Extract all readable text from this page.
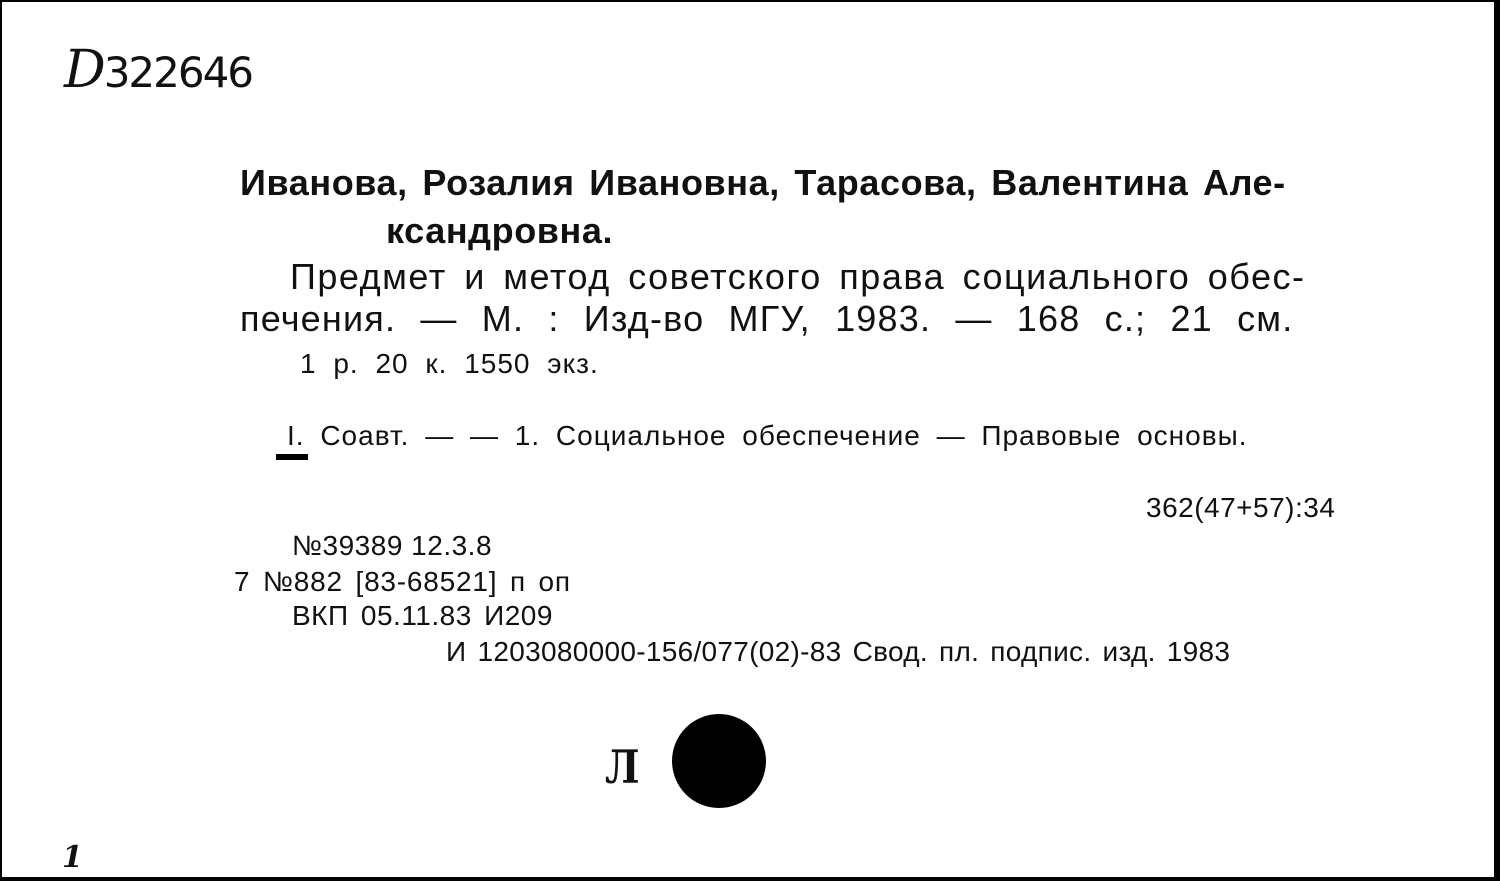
D322646
Иванова, Розалия Ивановна, Тарасова, Валентина Але-
ксандровна.
Предмет и метод советского права социального обес-
печения. — М. : Изд-во МГУ, 1983. — 168 с.; 21 см.
1 р. 20 к. 1550 экз.
I. Соавт. — — 1. Социальное обеспечение — Правовые основы.
362(47+57):34
№39389 12.3.8
7 №882 [83-68521] п оп
ВКП 05.11.83 И209
И 1203080000-156/077(02)-83 Свод. пл. подпис. изд. 1983
Л
1
